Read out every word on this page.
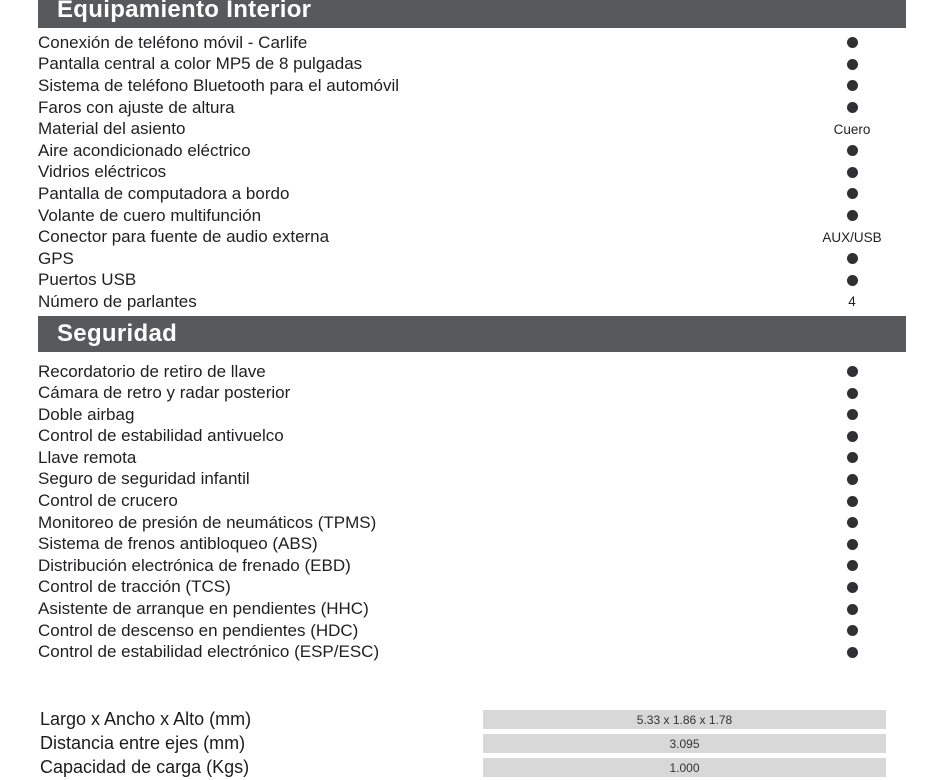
Equipamiento Interior
Conexión de teléfono móvil - Carlife
Pantalla central a color MP5 de 8 pulgadas
Sistema de teléfono Bluetooth para el automóvil
Faros con ajuste de altura
Material del asiento	Cuero
Aire acondicionado eléctrico
Vidrios eléctricos
Pantalla de computadora a bordo
Volante de cuero multifunción
Conector para fuente de audio externa	AUX/USB
GPS
Puertos USB
Número de parlantes	4
Seguridad
Recordatorio de retiro de llave
Cámara de retro y radar posterior
Doble airbag
Control de estabilidad antivuelco
Llave remota
Seguro de seguridad infantil
Control de crucero
Monitoreo de presión de neumáticos (TPMS)
Sistema de frenos antibloqueo (ABS)
Distribución electrónica de frenado (EBD)
Control de tracción (TCS)
Asistente de arranque en pendientes (HHC)
Control de descenso en pendientes (HDC)
Control de estabilidad electrónico (ESP/ESC)
Largo x Ancho x Alto (mm)	5.33 x 1.86 x 1.78
Distancia entre ejes (mm)	3.095
Capacidad de carga (Kgs)	1.000
